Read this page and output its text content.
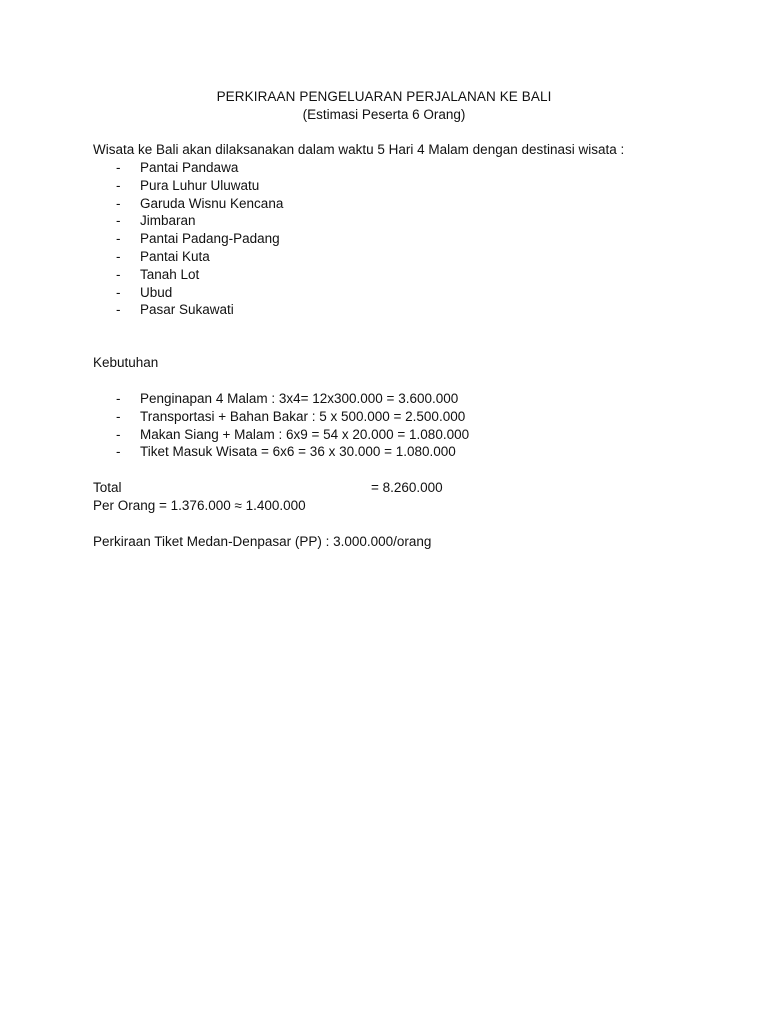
PERKIRAAN PENGELUARAN PERJALANAN KE BALI
(Estimasi Peserta 6 Orang)
Wisata ke Bali akan dilaksanakan dalam waktu 5 Hari 4 Malam dengan destinasi wisata :
- Pantai Pandawa
- Pura Luhur Uluwatu
- Garuda Wisnu Kencana
- Jimbaran
- Pantai Padang-Padang
- Pantai Kuta
- Tanah Lot
- Ubud
- Pasar Sukawati
Kebutuhan
- Penginapan 4 Malam : 3x4= 12x300.000 = 3.600.000
- Transportasi + Bahan Bakar : 5 x 500.000 = 2.500.000
- Makan Siang + Malam : 6x9 = 54 x 20.000 = 1.080.000
- Tiket Masuk Wisata = 6x6 = 36 x 30.000 = 1.080.000
Total	= 8.260.000
Per Orang = 1.376.000 ≈ 1.400.000
Perkiraan Tiket Medan-Denpasar (PP) : 3.000.000/orang
